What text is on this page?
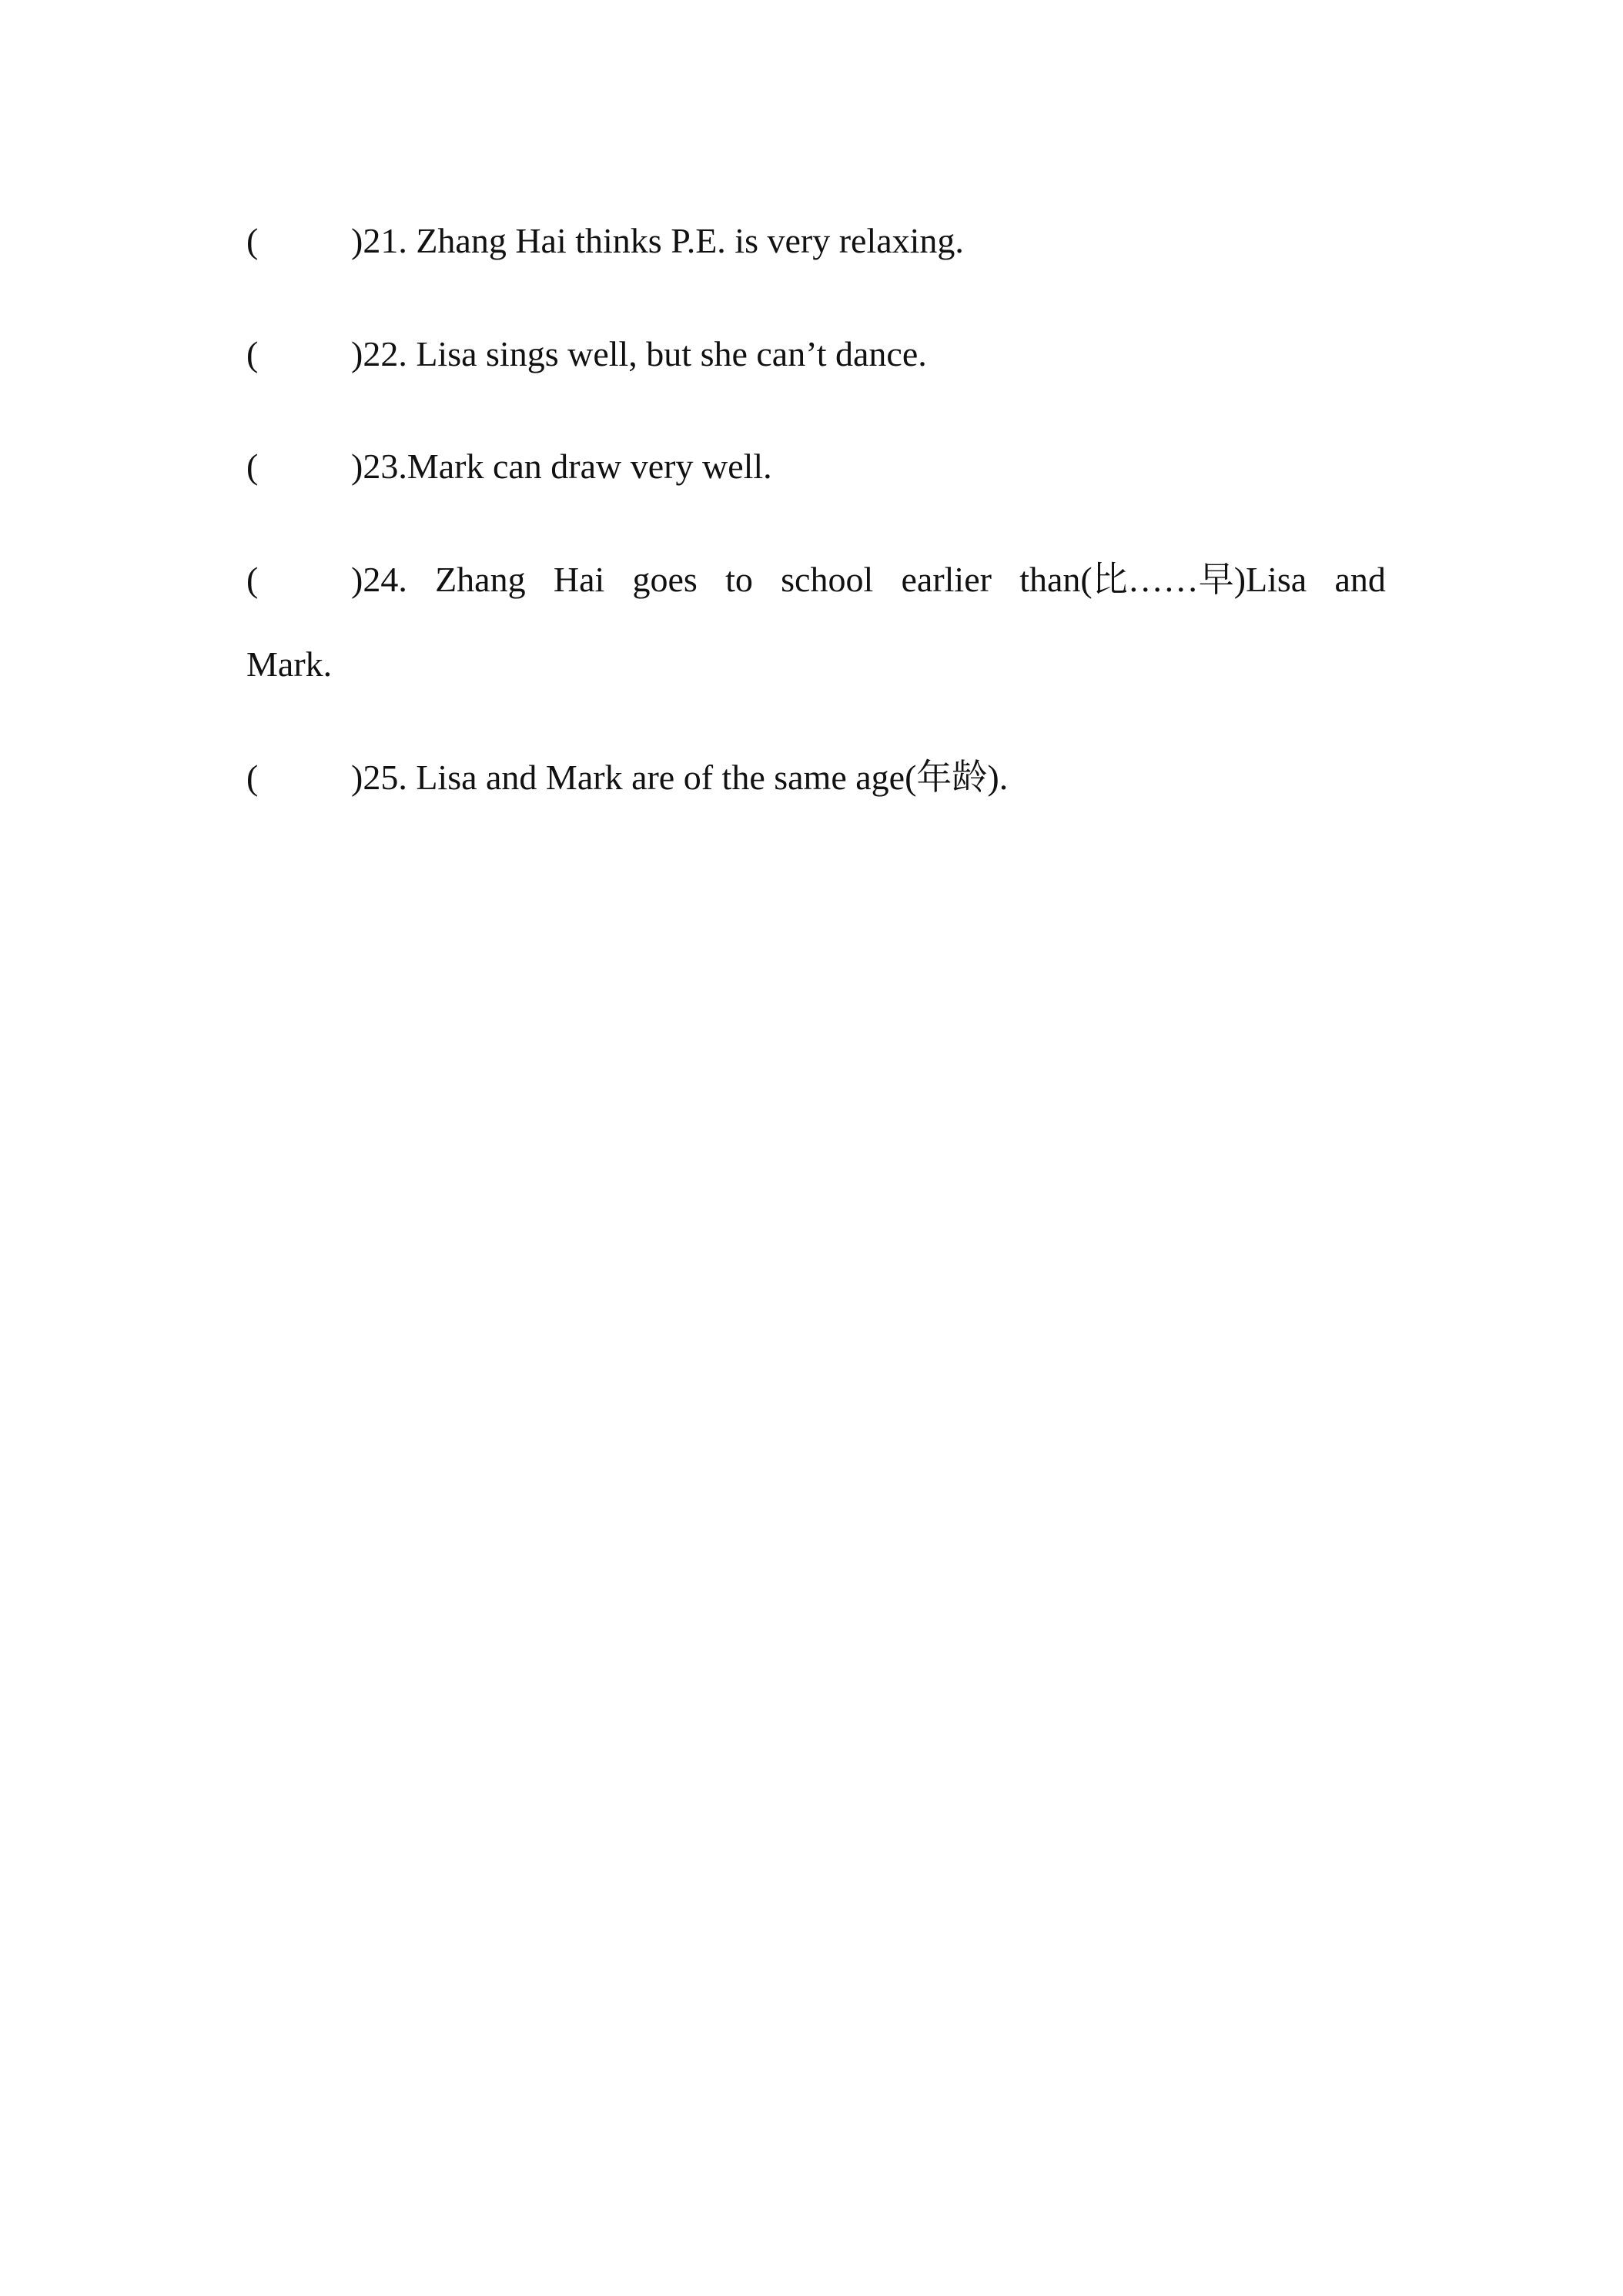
(	)21. Zhang Hai thinks P.E. is very relaxing.
(	)22. Lisa sings well, but she can’t dance.
(	)23.Mark can draw very well.
(	)24. Zhang Hai goes to school earlier than(比……早)Lisa and
Mark.
(	)25. Lisa and Mark are of the same age(年龄).
